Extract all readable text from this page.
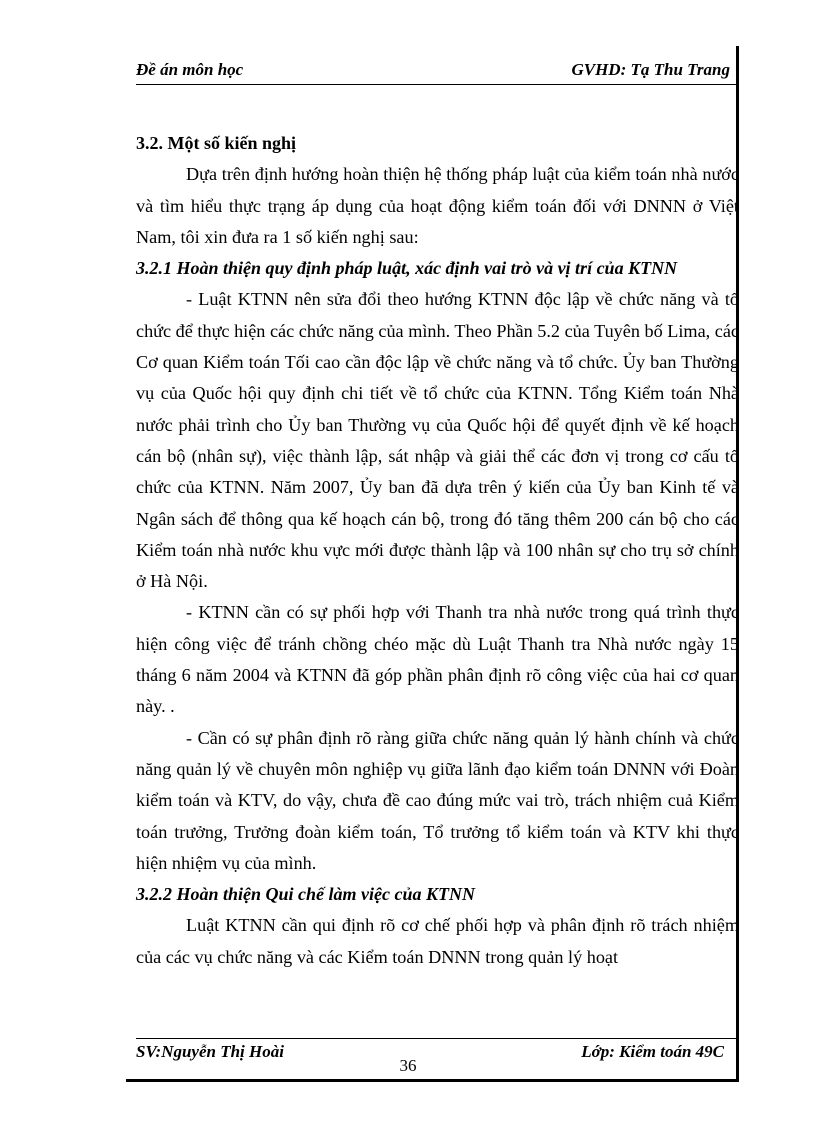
Đề án môn học	GVHD: Tạ Thu Trang

3.2. Một số kiến nghị

Dựa trên định hướng hoàn thiện hệ thống pháp luật của kiểm toán nhà nước và tìm hiểu thực trạng áp dụng của hoạt động kiểm toán đối với DNNN ở Việt Nam, tôi xin đưa ra 1 số kiến nghị sau:

3.2.1 Hoàn thiện quy định pháp luật, xác định vai trò và vị trí của KTNN

- Luật KTNN nên sửa đổi theo hướng KTNN độc lập về chức năng và tổ chức để thực hiện các chức năng của mình. Theo Phần 5.2 của Tuyên bố Lima, các Cơ quan Kiểm toán Tối cao cần độc lập về chức năng và tổ chức. Ủy ban Thường vụ của Quốc hội quy định chi tiết về tổ chức của KTNN. Tổng Kiểm toán Nhà nước phải trình cho Ủy ban Thường vụ của Quốc hội để quyết định về kế hoạch cán bộ (nhân sự), việc thành lập, sát nhập và giải thể các đơn vị trong cơ cấu tổ chức của KTNN. Năm 2007, Ủy ban đã dựa trên ý kiến của Ủy ban Kinh tế và Ngân sách để thông qua kế hoạch cán bộ, trong đó tăng thêm 200 cán bộ cho các Kiểm toán nhà nước khu vực mới được thành lập và 100 nhân sự cho trụ sở chính ở Hà Nội.

- KTNN cần có sự phối hợp với Thanh tra nhà nước trong quá trình thực hiện công việc để tránh chồng chéo mặc dù Luật Thanh tra Nhà nước ngày 15 tháng 6 năm 2004 và KTNN đã góp phần phân định rõ công việc của hai cơ quan này. .

- Cần có sự phân định rõ ràng giữa chức năng quản lý hành chính và chức năng quản lý về chuyên môn nghiệp vụ giữa lãnh đạo kiểm toán DNNN với Đoàn kiểm toán và KTV, do vậy, chưa đề cao đúng mức vai trò, trách nhiệm cuả Kiểm toán trưởng, Trưởng đoàn kiểm toán, Tổ trưởng tổ kiểm toán và KTV khi thực hiện nhiệm vụ của mình.

3.2.2 Hoàn thiện Qui chế làm việc của KTNN

Luật KTNN cần qui định rõ cơ chế phối hợp và phân định rõ trách nhiệm của các vụ chức năng và các Kiểm toán DNNN trong quản lý hoạt

SV:Nguyễn Thị Hoài	Lớp: Kiểm toán 49C
36
